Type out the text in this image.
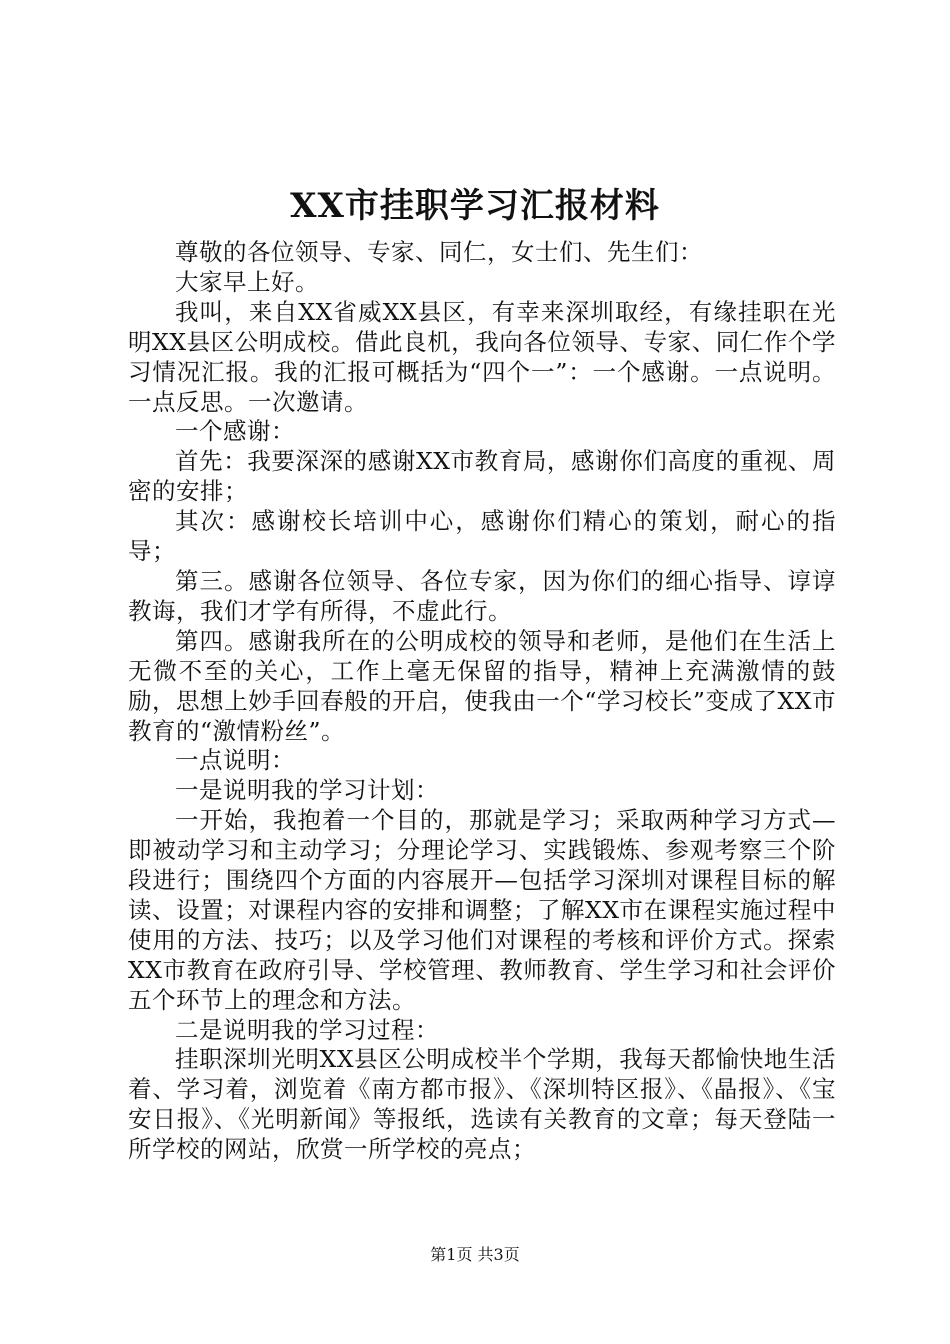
XX市挂职学习汇报材料

尊敬的各位领导、专家、同仁，女士们、先生们：

大家早上好。

我叫，来自XX省威XX县区，有幸来深圳取经，有缘挂职在光明XX县区公明成校。借此良机，我向各位领导、专家、同仁作个学习情况汇报。我的汇报可概括为“四个一”：一个感谢。一点说明。一点反思。一次邀请。

一个感谢：

首先：我要深深的感谢XX市教育局，感谢你们高度的重视、周密的安排；

其次：感谢校长培训中心，感谢你们精心的策划，耐心的指导；

第三。感谢各位领导、各位专家，因为你们的细心指导、谆谆教诲，我们才学有所得，不虚此行。

第四。感谢我所在的公明成校的领导和老师，是他们在生活上无微不至的关心，工作上毫无保留的指导，精神上充满激情的鼓励，思想上妙手回春般的开启，使我由一个“学习校长”变成了XX市教育的“激情粉丝”。

一点说明：

一是说明我的学习计划：

一开始，我抱着一个目的，那就是学习；采取两种学习方式—即被动学习和主动学习；分理论学习、实践锻炼、参观考察三个阶段进行；围绕四个方面的内容展开—包括学习深圳对课程目标的解读、设置；对课程内容的安排和调整；了解XX市在课程实施过程中使用的方法、技巧；以及学习他们对课程的考核和评价方式。探索XX市教育在政府引导、学校管理、教师教育、学生学习和社会评价五个环节上的理念和方法。

二是说明我的学习过程：

挂职深圳光明XX县区公明成校半个学期，我每天都愉快地生活着、学习着，浏览着《南方都市报》、《深圳特区报》、《晶报》、《宝安日报》、《光明新闻》等报纸，选读有关教育的文章；每天登陆一所学校的网站，欣赏一所学校的亮点；

第1页 共3页
